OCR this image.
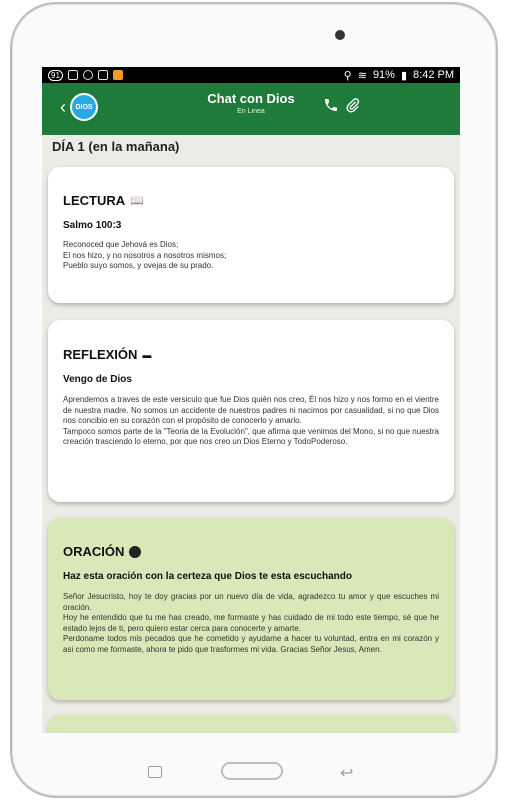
91	⚲ ≋ 91% ▮ 8:42 PM
‹ DIOS
Chat con Dios
En Linea
DÍA 1 (en la mañana)
LECTURA 📖
Salmo 100:3
Reconoced que Jehová es Dios;
El nos hizo, y no nosotros a nosotros mismos;
Pueblo suyo somos, y ovejas de su prado.
REFLEXIÓN ▬
Vengo de Dios
Aprendemos a traves de este versiculo que fue Dios quién nos creo, Él nos hizo y nos formo en el vientre de nuestra madre. No somos un accidente de nuestros padres ni nacimos por casualidad, si no que Dios nos concibio en su corazón con el propósito de conocerlo y amarlo.
Tampoco somos parte de la "Teoria de la Evolución", que afirma que venimos del Mono, si no que nuestra creación trasciendo lo eterno, por que nos creo un Dios Eterno y TodoPoderoso.
ORACIÓN
Haz esta oración con la certeza que Dios te esta escuchando
Señor Jesucristo, hoy te doy gracias por un nuevo día de vida, agradezco tu amor y que escuches mi oración.
Hoy he entendido que tu me has creado, me formaste y has cuidado de mi todo este tiempo, sé que he estado lejos de ti, pero quiero estar cerca para conocerte y amarte.
Perdoname todos mis pecados que he cometido y ayudame a hacer tu voluntad, entra en mi corazón y asi como me formaste, ahora te pido que trasformes mi vida. Gracias Señor Jesus, Amen.
↩
